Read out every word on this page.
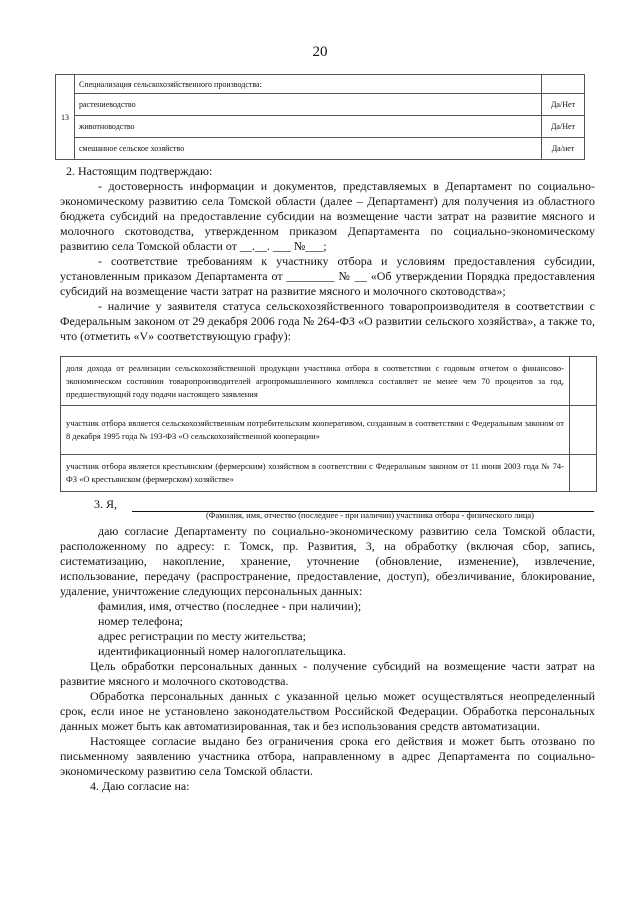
20
13	Специализация сельскохозяйственного производства:	
	растениеводство	Да/Нет
	животноводство	Да/Нет
	смешанное сельское хозяйство	Да/нет

2. Настоящим подтверждаю:

- достоверность информации и документов, представляемых в Департамент по социально-экономическому развитию села Томской области (далее – Департамент) для получения из областного бюджета субсидий на предоставление субсидии на возмещение части затрат на развитие мясного и молочного скотоводства, утвержденном приказом Департамента по социально-экономическому развитию села Томской области от __.__. ___ №___;

- соответствие требованиям к участнику отбора и условиям предоставления субсидии, установленным приказом Департамента от ________ № __ «Об утверждении Порядка предоставления субсидий на возмещение части затрат на развитие мясного и молочного скотоводства»;

- наличие у заявителя статуса сельскохозяйственного товаропроизводителя в соответствии с Федеральным законом от 29 декабря 2006 года № 264-ФЗ «О развитии сельского хозяйства», а также то, что (отметить «V» соответствующую графу):

доля дохода от реализации сельскохозяйственной продукции участника отбора в соответствии с годовым отчетом о финансово-экономическом состоянии товаропроизводителей агропромышленного комплекса составляет не менее чем 70 процентов за год, предшествующий году подачи настоящего заявления	
участник отбора является сельскохозяйственным потребительским кооперативом, созданным в соответствии с Федеральным законом от 8 декабря 1995 года № 193-ФЗ «О сельскохозяйственной кооперации»	
участник отбора является крестьянским (фермерским) хозяйством в соответствии с Федеральным законом от 11 июня 2003 года № 74-ФЗ «О крестьянском (фермерском) хозяйстве»	
3. Я,
(Фамилия, имя, отчество (последнее - при наличии) участника отбора - физического лица)

даю согласие Департаменту по социально-экономическому развитию села Томской области, расположенному по адресу: г. Томск, пр. Развития, 3, на обработку (включая сбор, запись, систематизацию, накопление, хранение, уточнение (обновление, изменение), извлечение, использование, передачу (распространение, предоставление, доступ), обезличивание, блокирование, удаление, уничтожение следующих персональных данных:

фамилия, имя, отчество (последнее - при наличии);

номер телефона;

адрес регистрации по месту жительства;

идентификационный номер налогоплательщика.

Цель обработки персональных данных - получение субсидий на возмещение части затрат на развитие мясного и молочного скотоводства.

Обработка персональных данных с указанной целью может осуществляться неопределенный срок, если иное не установлено законодательством Российской Федерации. Обработка персональных данных может быть как автоматизированная, так и без использования средств автоматизации.

Настоящее согласие выдано без ограничения срока его действия и может быть отозвано по письменному заявлению участника отбора, направленному в адрес Департамента по социально-экономическому развитию села Томской области.

4. Даю согласие на:
